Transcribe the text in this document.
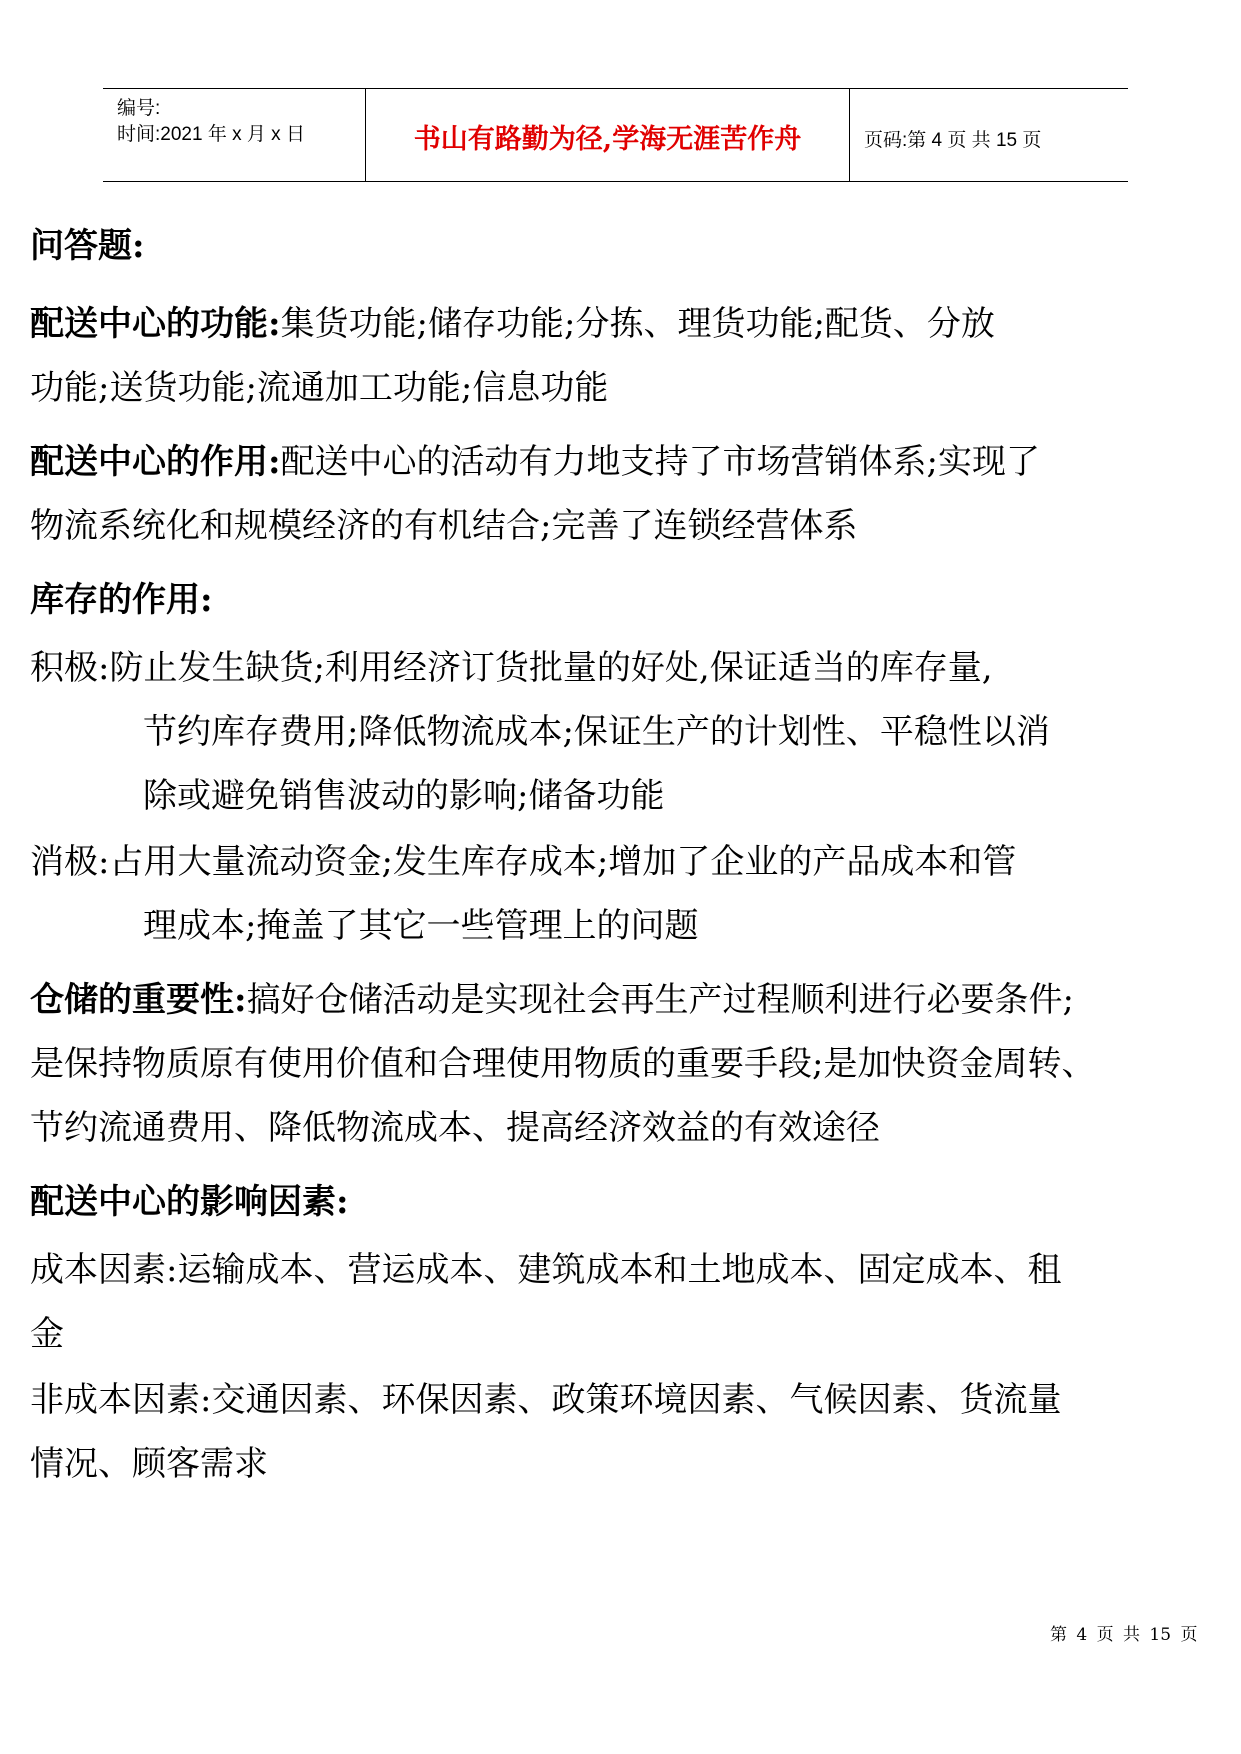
编号:
时间:2021 年 x 月 x 日	书山有路勤为径,学海无涯苦作舟	页码:第 4 页 共 15 页
问答题:
配送中心的功能:集货功能;储存功能;分拣、理货功能;配货、分放
功能;送货功能;流通加工功能;信息功能
配送中心的作用:配送中心的活动有力地支持了市场营销体系;实现了
物流系统化和规模经济的有机结合;完善了连锁经营体系
库存的作用:
积极:防止发生缺货;利用经济订货批量的好处,保证适当的库存量,
节约库存费用;降低物流成本;保证生产的计划性、平稳性以消
除或避免销售波动的影响;储备功能
消极:占用大量流动资金;发生库存成本;增加了企业的产品成本和管
理成本;掩盖了其它一些管理上的问题
仓储的重要性:搞好仓储活动是实现社会再生产过程顺利进行必要条件;
是保持物质原有使用价值和合理使用物质的重要手段;是加快资金周转、
节约流通费用、降低物流成本、提高经济效益的有效途径
配送中心的影响因素:
成本因素:运输成本、营运成本、建筑成本和土地成本、固定成本、租
金
非成本因素:交通因素、环保因素、政策环境因素、气候因素、货流量
情况、顾客需求
第 4 页 共 15 页
